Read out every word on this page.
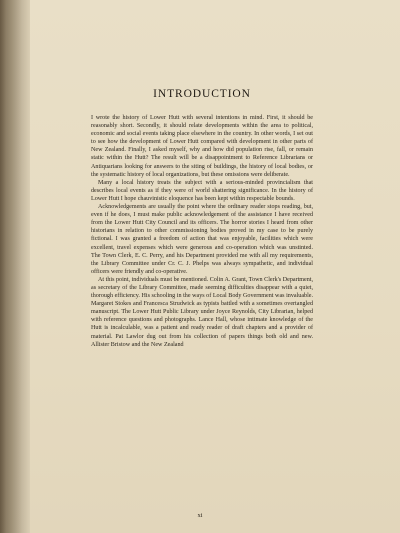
INTRODUCTION

I wrote the history of Lower Hutt with several intentions in mind. First, it should be reasonably short. Secondly, it should relate developments within the area to political, economic and social events taking place elsewhere in the country. In other words, I set out to see how the development of Lower Hutt compared with development in other parts of New Zealand. Finally, I asked myself, why and how did population rise, fall, or remain static within the Hutt? The result will be a disappointment to Reference Librarians or Antiquarians looking for answers to the siting of buildings, the history of local bodies, or the systematic history of local organizations, but these omissions were deliberate.

Many a local history treats the subject with a serious-minded provincialism that describes local events as if they were of world shattering significance. In the history of Lower Hutt I hope chauvinistic eloquence has been kept within respectable bounds.

Acknowledgements are usually the point where the ordinary reader stops reading, but, even if he does, I must make public acknowledgement of the assistance I have received from the Lower Hutt City Council and its officers. The horror stories I heard from other historians in relation to other commissioning bodies proved in my case to be purely fictional. I was granted a freedom of action that was enjoyable, facilities which were excellent, travel expenses which were generous and co-operation which was unstinted. The Town Clerk, E. C. Perry, and his Department provided me with all my requirements, the Library Committee under Cr. C. J. Phelps was always sympathetic, and individual officers were friendly and co-operative.

At this point, individuals must be mentioned. Colin A. Grant, Town Clerk's Department, as secretary of the Library Committee, made seeming difficulties disappear with a quiet, thorough efficiency. His schooling in the ways of Local Body Government was invaluable. Margaret Stokes and Francesca Strudwick as typists battled with a sometimes overtangled manuscript. The Lower Hutt Public Library under Joyce Reynolds, City Librarian, helped with reference questions and photographs. Lance Hall, whose intimate knowledge of the Hutt is incalculable, was a patient and ready reader of draft chapters and a provider of material. Pat Lawlor dug out from his collection of papers things both old and new. Allister Bristow and the New Zealand

xi
